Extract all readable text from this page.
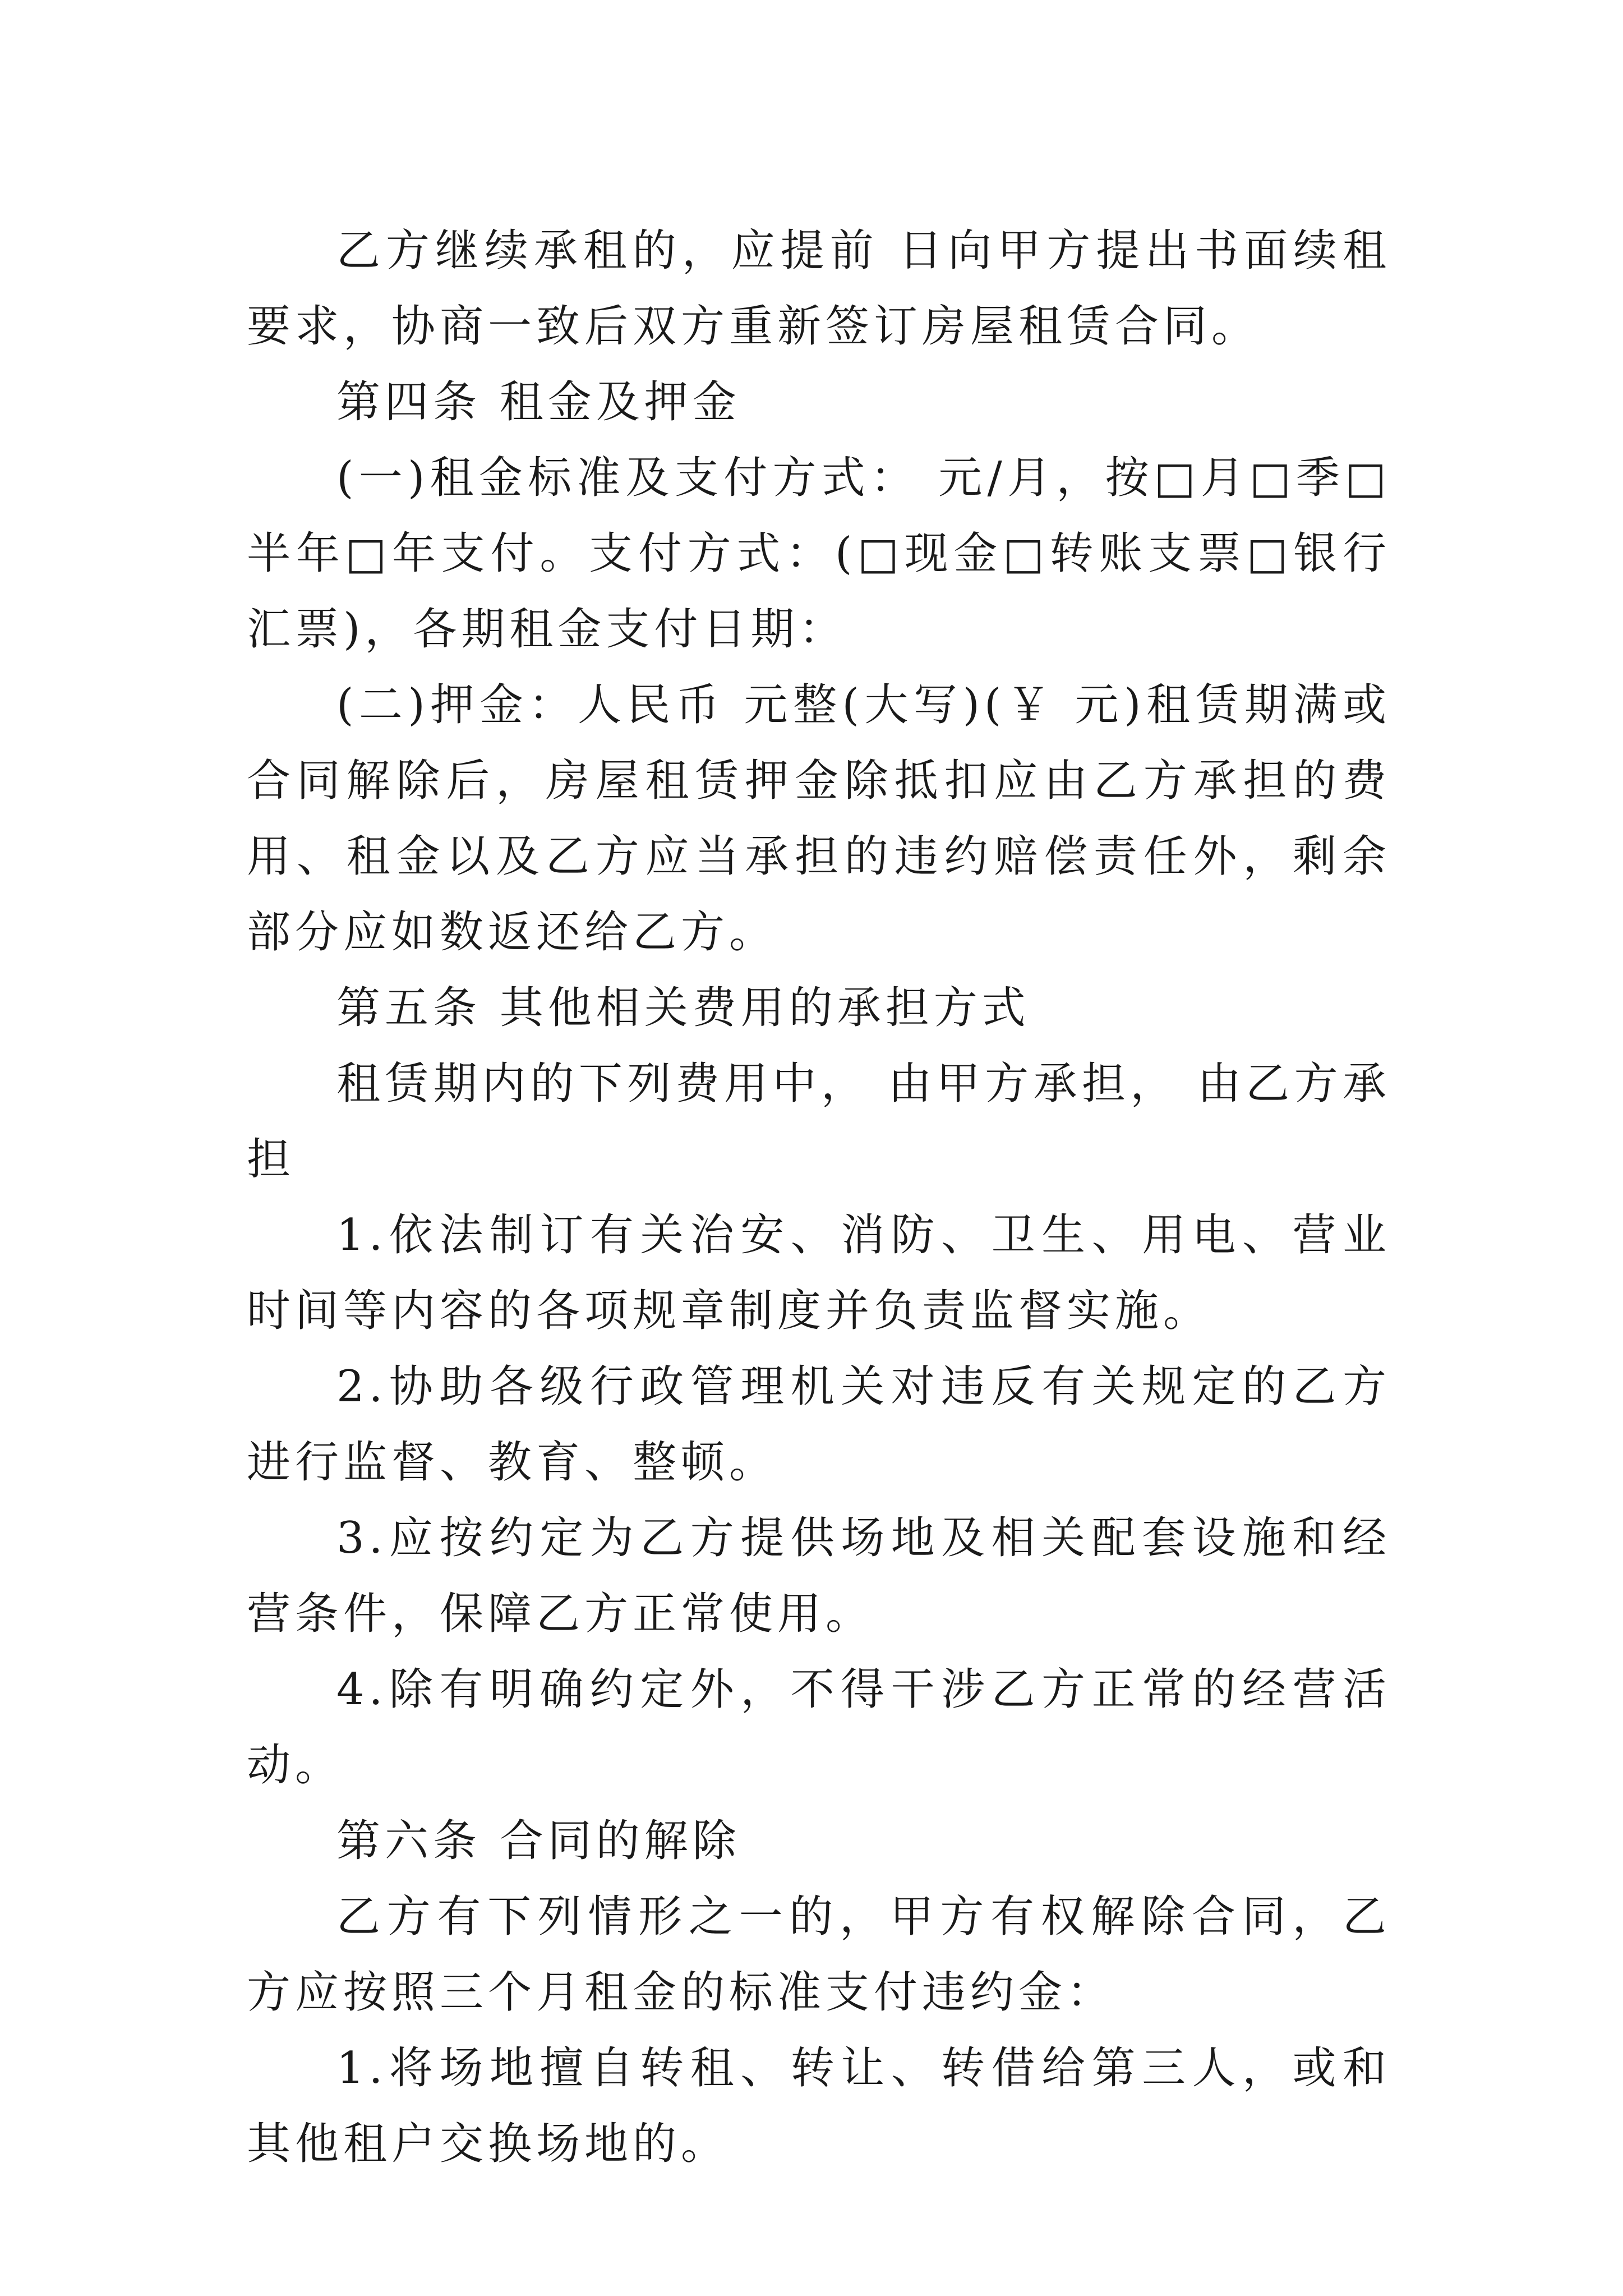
乙方继续承租的，应提前 日向甲方提出书面续租要求，协商一致后双方重新签订房屋租赁合同。

第四条 租金及押金

(一)租金标准及支付方式： 元/月，按□月□季□半年□年支付。支付方式：(□现金□转账支票□银行汇票)，各期租金支付日期：

(二)押金：人民币 元整(大写)(￥ 元)租赁期满或合同解除后，房屋租赁押金除抵扣应由乙方承担的费用、租金以及乙方应当承担的违约赔偿责任外，剩余部分应如数返还给乙方。

第五条 其他相关费用的承担方式

租赁期内的下列费用中， 由甲方承担， 由乙方承担

1.依法制订有关治安、消防、卫生、用电、营业时间等内容的各项规章制度并负责监督实施。

2.协助各级行政管理机关对违反有关规定的乙方进行监督、教育、整顿。

3.应按约定为乙方提供场地及相关配套设施和经营条件，保障乙方正常使用。

4.除有明确约定外，不得干涉乙方正常的经营活动。

第六条 合同的解除

乙方有下列情形之一的，甲方有权解除合同，乙方应按照三个月租金的标准支付违约金：

1.将场地擅自转租、转让、转借给第三人，或和其他租户交换场地的。
